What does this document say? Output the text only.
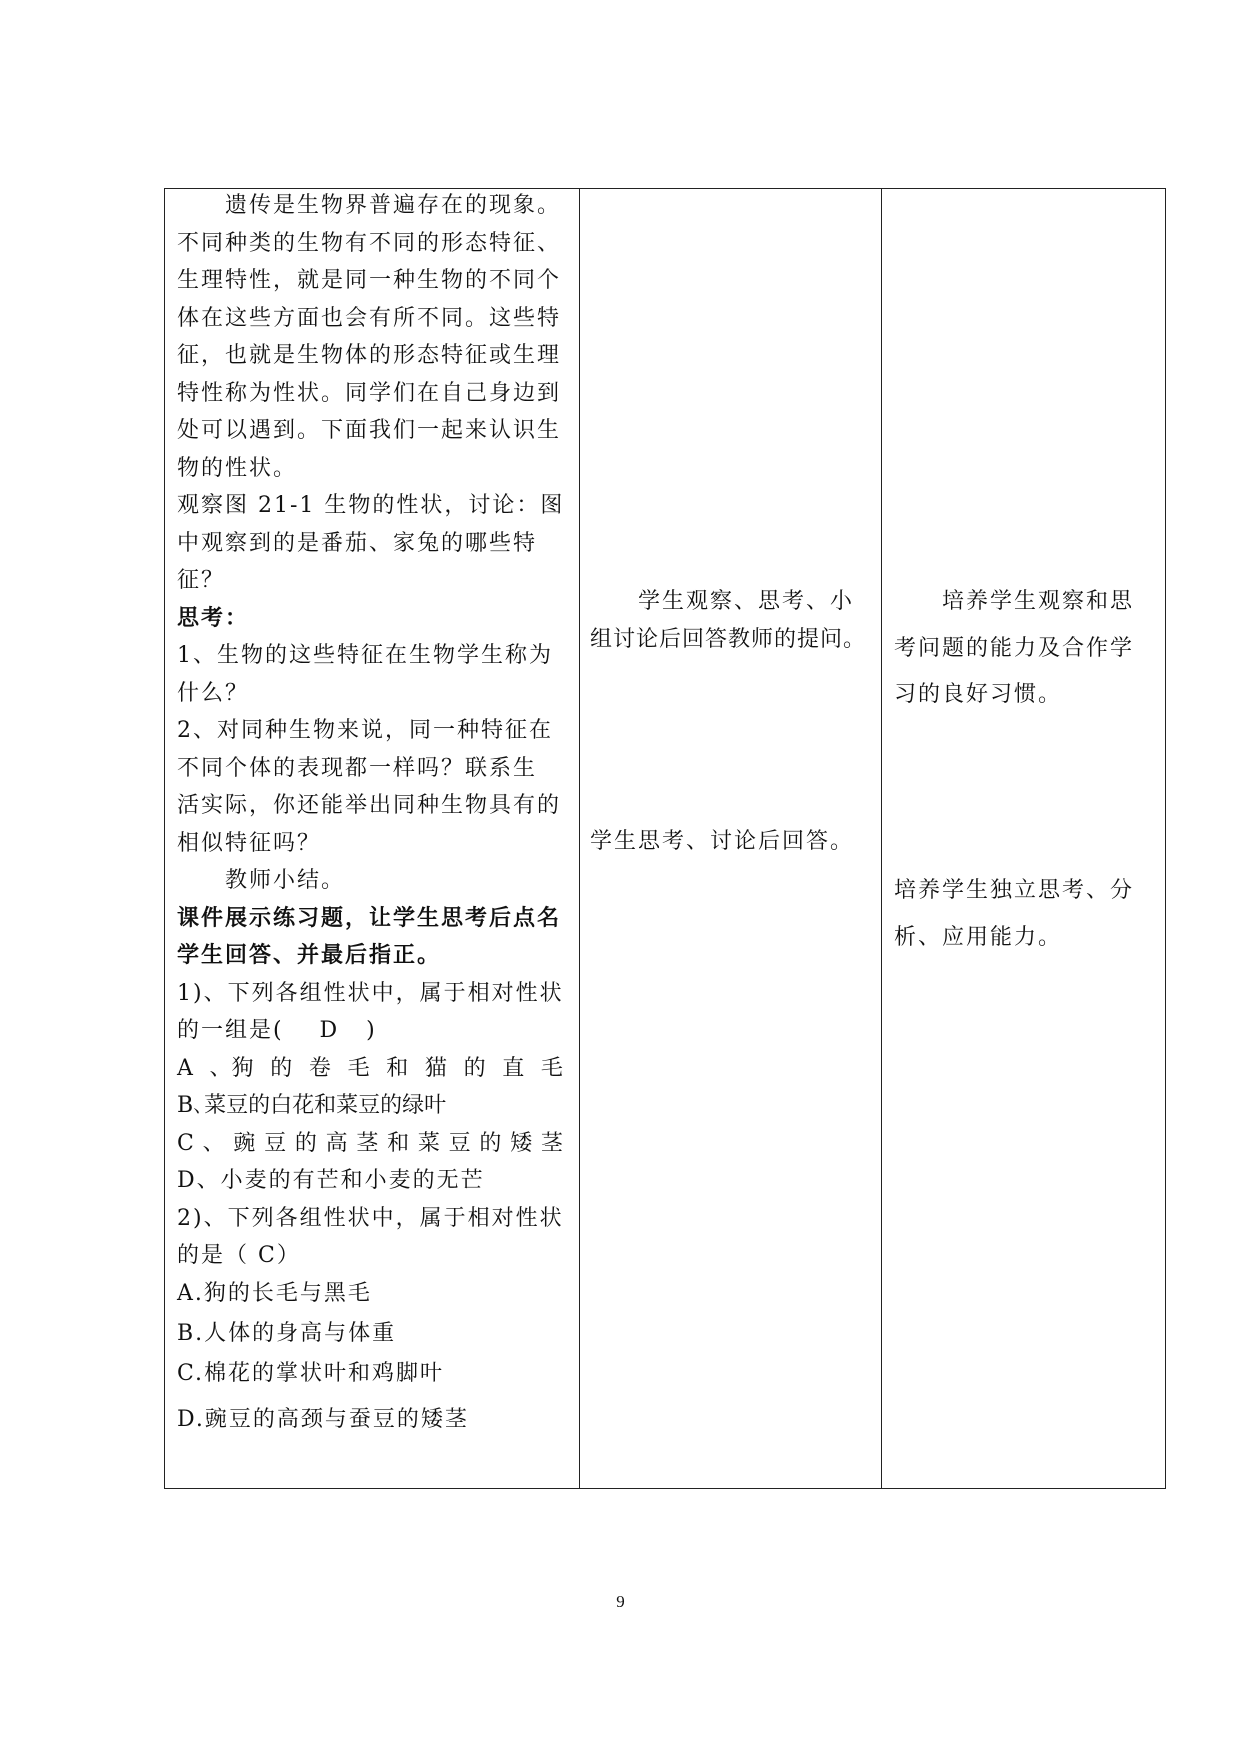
遗传是生物界普遍存在的现象。
不同种类的生物有不同的形态特征、
生理特性，就是同一种生物的不同个
体在这些方面也会有所不同。这些特
征，也就是生物体的形态特征或生理
特性称为性状。同学们在自己身边到
处可以遇到。下面我们一起来认识生
物的性状。
观察图 21-1 生物的性状，讨论：图
中观察到的是番茄、家兔的哪些特
征？
思考：
1、生物的这些特征在生物学生称为
什么？
2、对同种生物来说，同一种特征在
不同个体的表现都一样吗？联系生
活实际，你还能举出同种生物具有的
相似特征吗？
教师小结。
课件展示练习题，让学生思考后点名
学生回答、并最后指正。
1)、下列各组性状中，属于相对性状
的一组是(    D   )
A 、狗 的 卷 毛 和 猫 的 直 毛
B､菜豆的白花和菜豆的绿叶
C 、 豌 豆 的 高 茎 和 菜 豆 的 矮 茎
D、小麦的有芒和小麦的无芒
2)、下列各组性状中，属于相对性状
的是（ C）
A.狗的长毛与黑毛
B.人体的身高与体重
C.棉花的掌状叶和鸡脚叶
D.豌豆的高颈与蚕豆的矮茎

学生观察、思考、小
组讨论后回答教师的提问。
学生思考、讨论后回答。

培养学生观察和思
考问题的能力及合作学
习的良好习惯。
培养学生独立思考、分
析、应用能力。
9
